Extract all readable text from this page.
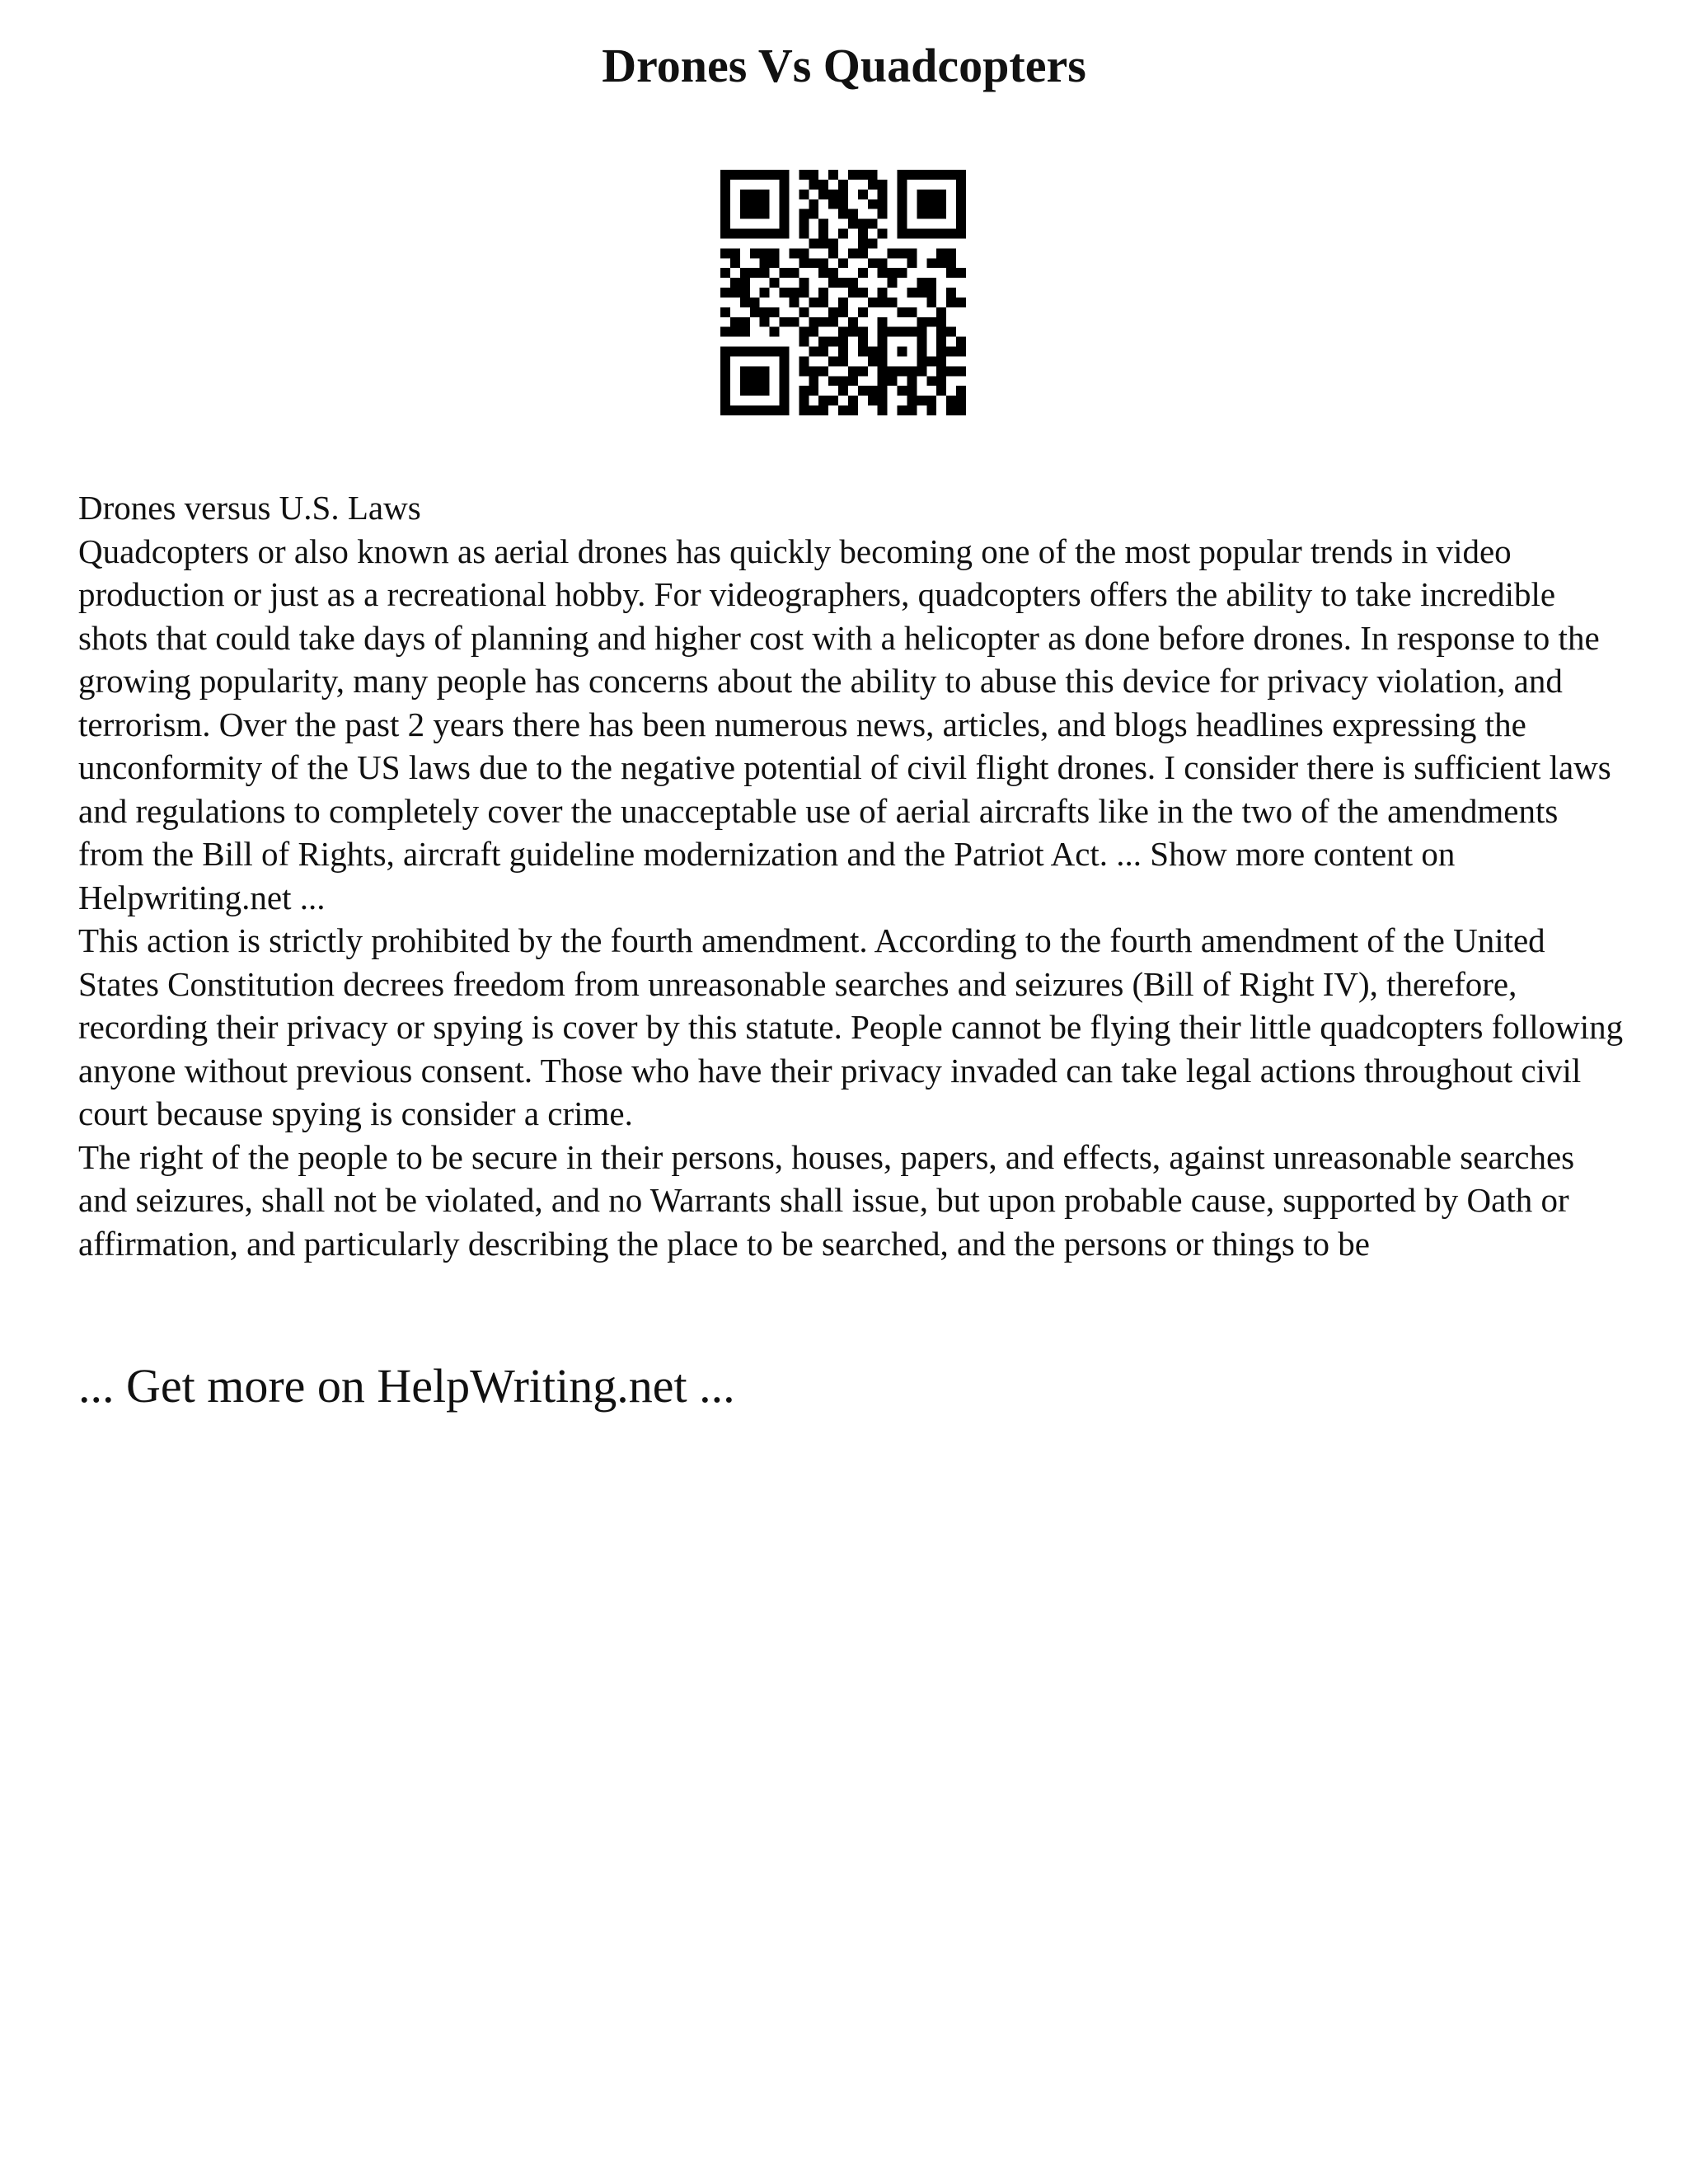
Drones Vs Quadcopters

Drones versus U.S. Laws

Quadcopters or also known as aerial drones has quickly becoming one of the most popular trends in video production or just as a recreational hobby. For videographers, quadcopters offers the ability to take incredible shots that could take days of planning and higher cost with a helicopter as done before drones. In response to the growing popularity, many people has concerns about the ability to abuse this device for privacy violation, and terrorism. Over the past 2 years there has been numerous news, articles, and blogs headlines expressing the unconformity of the US laws due to the negative potential of civil flight drones. I consider there is sufficient laws and regulations to completely cover the unacceptable use of aerial aircrafts like in the two of the amendments from the Bill of Rights, aircraft guideline modernization and the Patriot Act. ... Show more content on Helpwriting.net ...

This action is strictly prohibited by the fourth amendment. According to the fourth amendment of the United States Constitution decrees freedom from unreasonable searches and seizures (Bill of Right IV), therefore, recording their privacy or spying is cover by this statute. People cannot be flying their little quadcopters following anyone without previous consent. Those who have their privacy invaded can take legal actions throughout civil court because spying is consider a crime.

The right of the people to be secure in their persons, houses, papers, and effects, against unreasonable searches and seizures, shall not be violated, and no Warrants shall issue, but upon probable cause, supported by Oath or affirmation, and particularly describing the place to be searched, and the persons or things to be

... Get more on HelpWriting.net ...
